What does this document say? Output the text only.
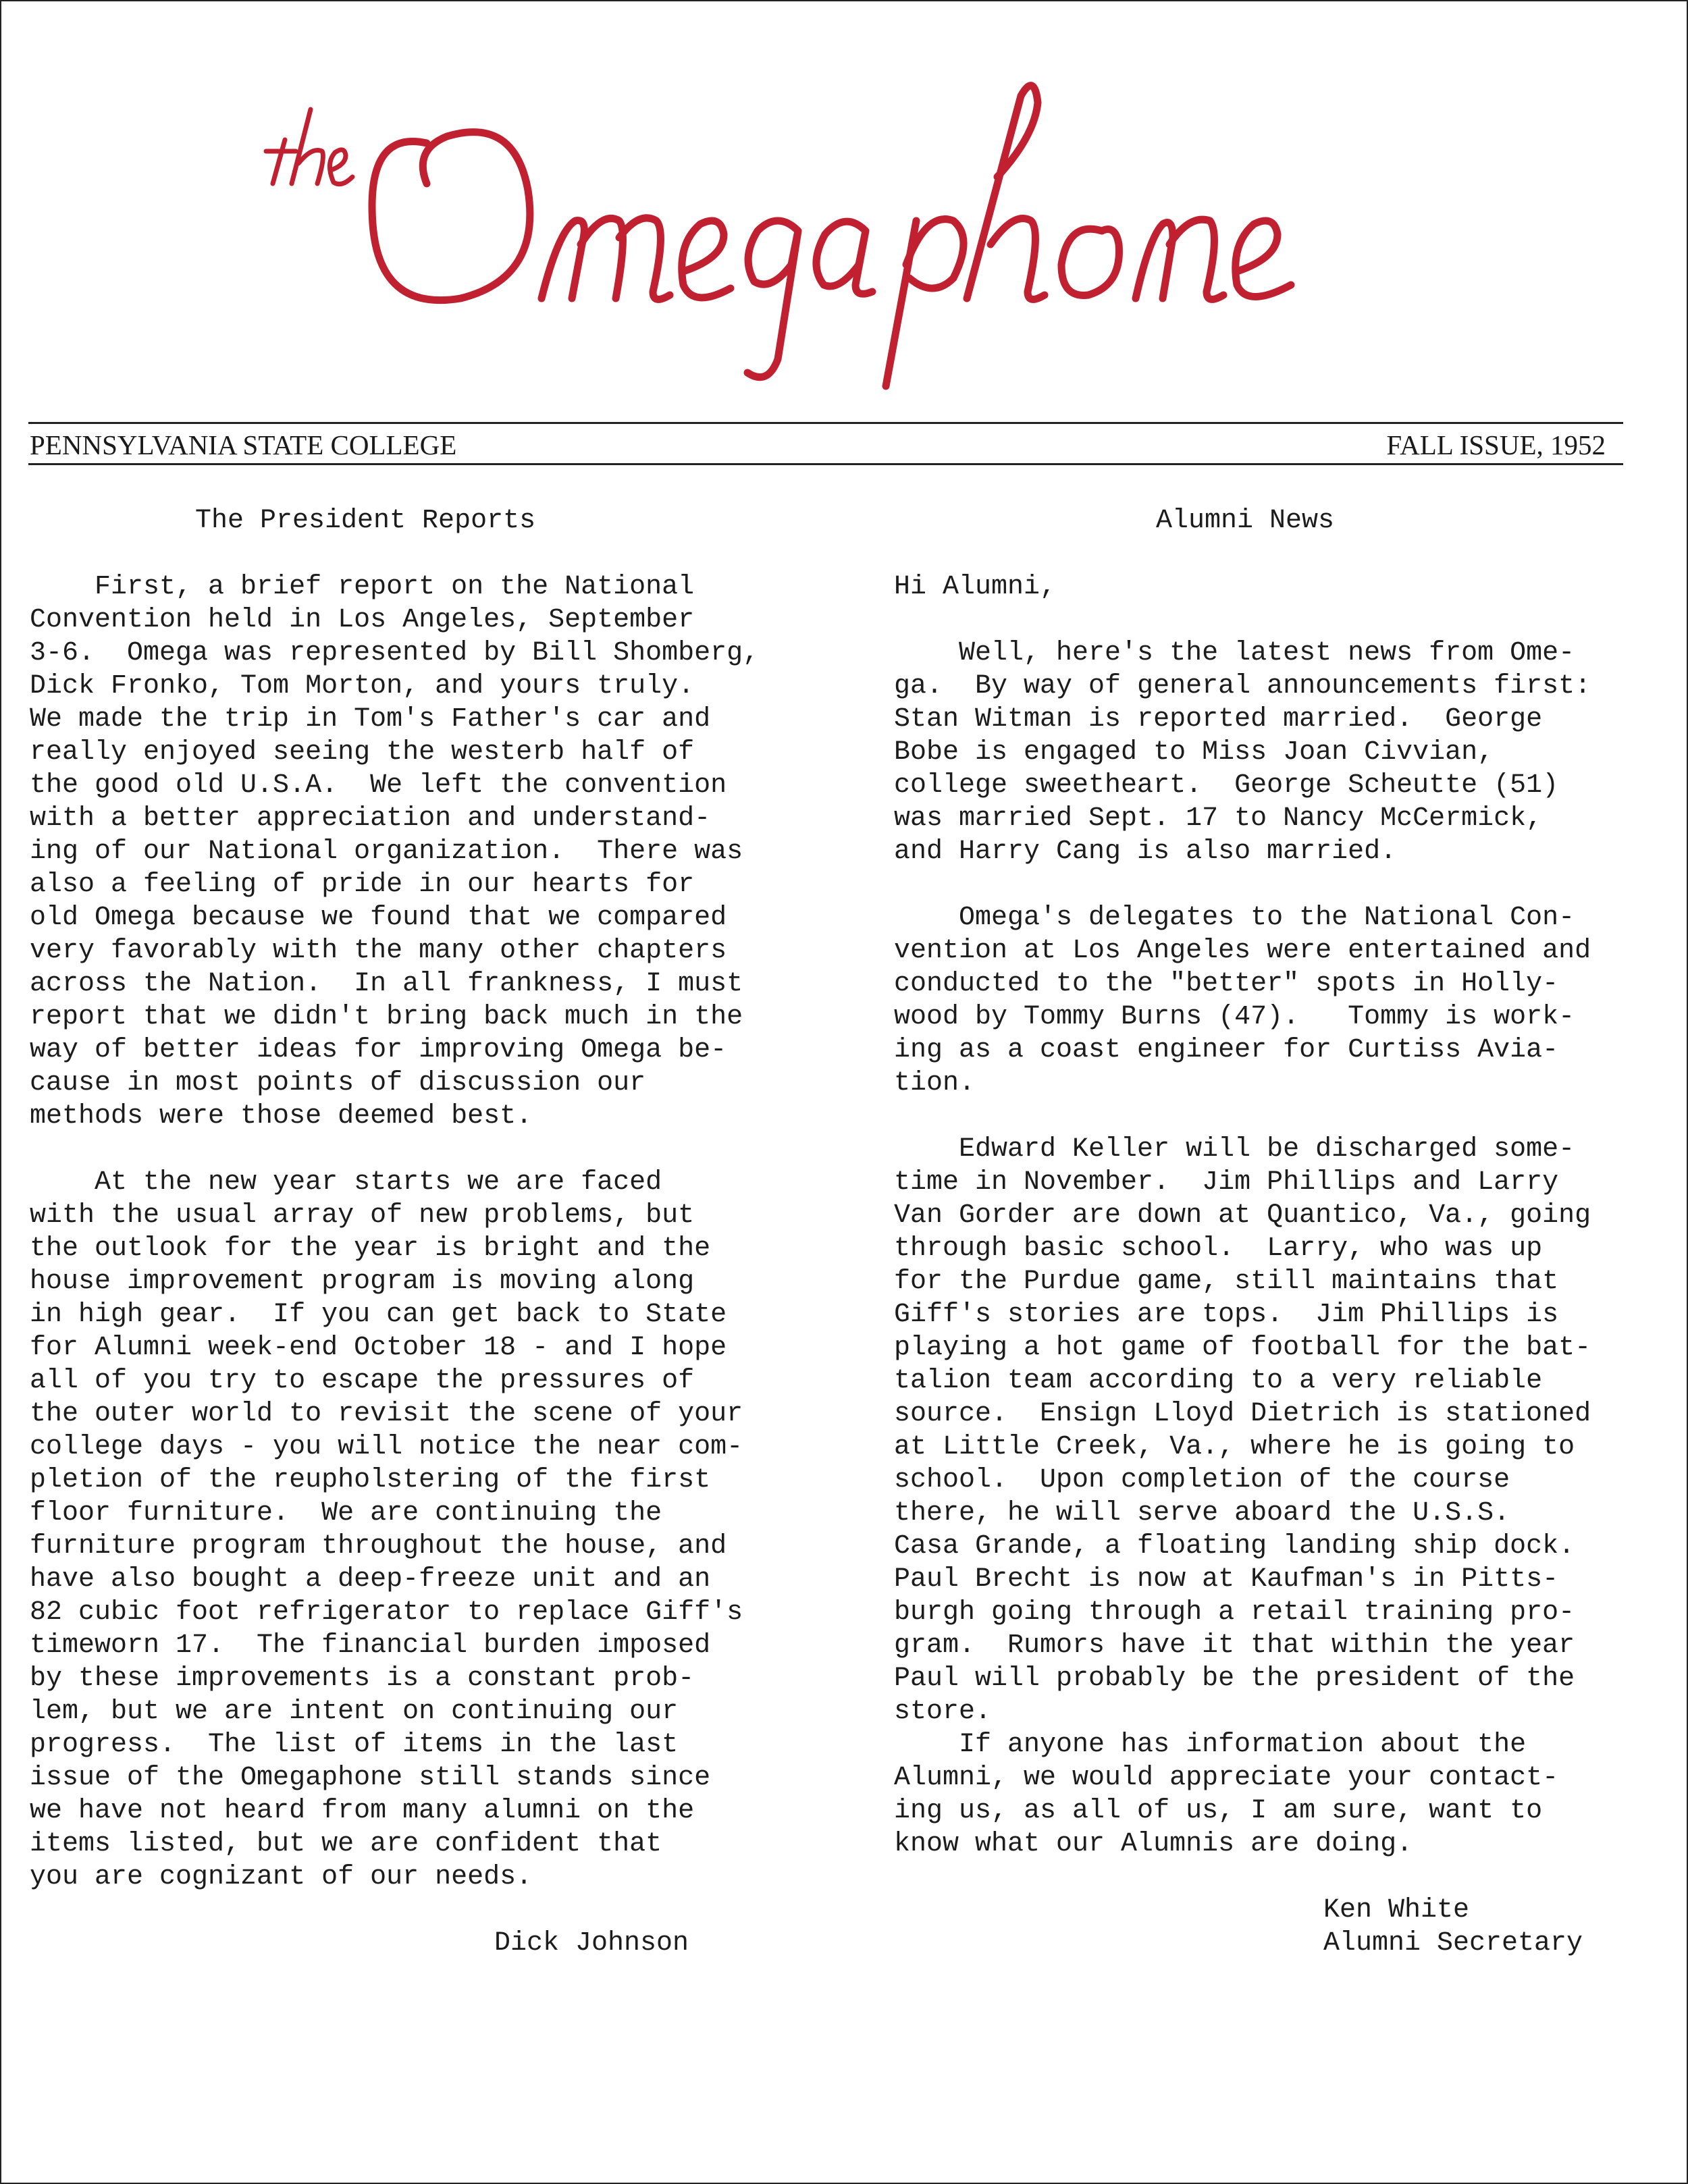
PENNSYLVANIA STATE COLLEGE	FALL ISSUE, 1952
The President Reports

First, a brief report on the National
Convention held in Los Angeles, September
3-6.  Omega was represented by Bill Shomberg,
Dick Fronko, Tom Morton, and yours truly.
We made the trip in Tom's Father's car and
really enjoyed seeing the westerb half of
the good old U.S.A.  We left the convention
with a better appreciation and understand-
ing of our National organization.  There was
also a feeling of pride in our hearts for
old Omega because we found that we compared
very favorably with the many other chapters
across the Nation.  In all frankness, I must
report that we didn't bring back much in the
way of better ideas for improving Omega be-
cause in most points of discussion our
methods were those deemed best.

At the new year starts we are faced
with the usual array of new problems, but
the outlook for the year is bright and the
house improvement program is moving along
in high gear.  If you can get back to State
for Alumni week-end October 18 - and I hope
all of you try to escape the pressures of
the outer world to revisit the scene of your
college days - you will notice the near com-
pletion of the reupholstering of the first
floor furniture.  We are continuing the
furniture program throughout the house, and
have also bought a deep-freeze unit and an
82 cubic foot refrigerator to replace Giff's
timeworn 17.  The financial burden imposed
by these improvements is a constant prob-
lem, but we are intent on continuing our
progress.  The list of items in the last
issue of the Omegaphone still stands since
we have not heard from many alumni on the
items listed, but we are confident that
you are cognizant of our needs.

Dick Johnson
Alumni News

Hi Alumni,

Well, here's the latest news from Ome-
ga.  By way of general announcements first:
Stan Witman is reported married.  George
Bobe is engaged to Miss Joan Civvian,
college sweetheart.  George Scheutte (51)
was married Sept. 17 to Nancy McCermick,
and Harry Cang is also married.

Omega's delegates to the National Con-
vention at Los Angeles were entertained and
conducted to the "better" spots in Holly-
wood by Tommy Burns (47).   Tommy is work-
ing as a coast engineer for Curtiss Avia-
tion.

Edward Keller will be discharged some-
time in November.  Jim Phillips and Larry
Van Gorder are down at Quantico, Va., going
through basic school.  Larry, who was up
for the Purdue game, still maintains that
Giff's stories are tops.  Jim Phillips is
playing a hot game of football for the bat-
talion team according to a very reliable
source.  Ensign Lloyd Dietrich is stationed
at Little Creek, Va., where he is going to
school.  Upon completion of the course
there, he will serve aboard the U.S.S.
Casa Grande, a floating landing ship dock.
Paul Brecht is now at Kaufman's in Pitts-
burgh going through a retail training pro-
gram.  Rumors have it that within the year
Paul will probably be the president of the
store.

If anyone has information about the
Alumni, we would appreciate your contact-
ing us, as all of us, I am sure, want to
know what our Alumnis are doing.

Ken White
Alumni Secretary
